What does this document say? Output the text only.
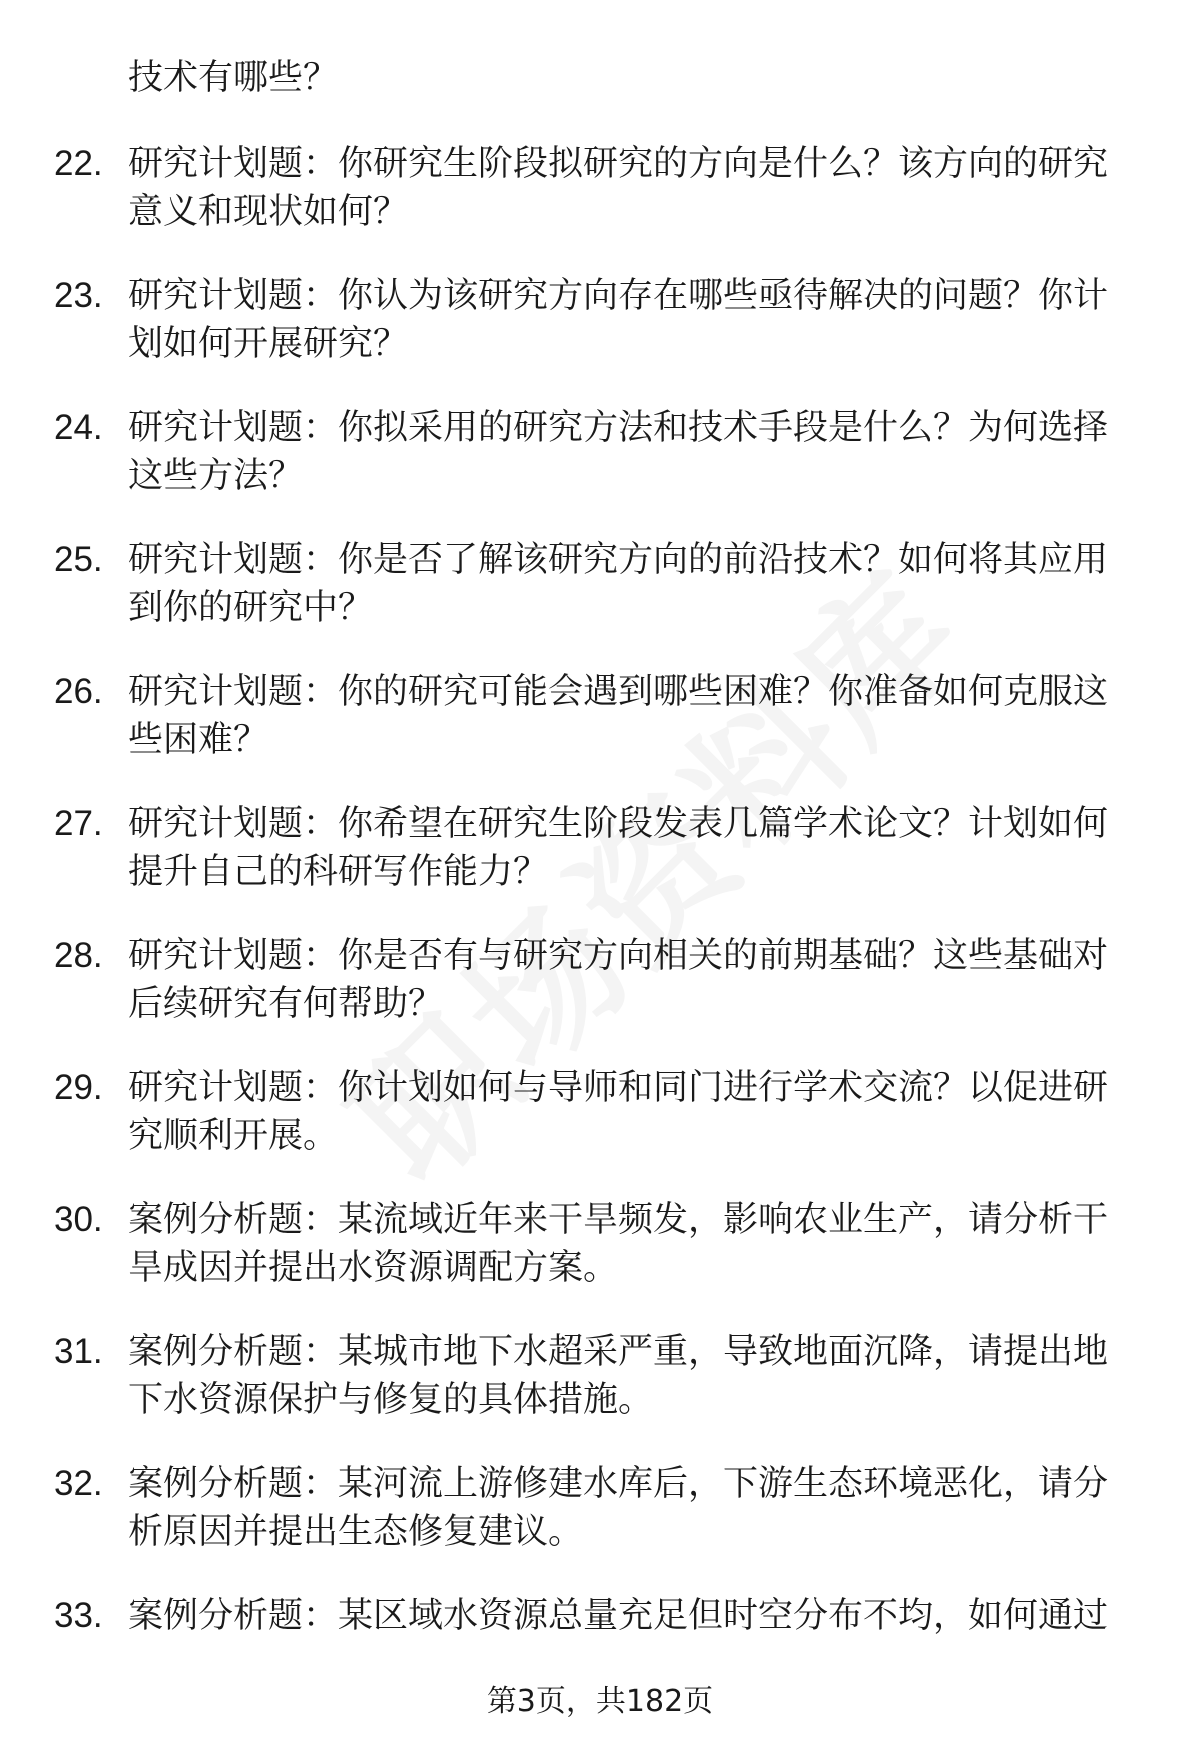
技术有哪些？
22. 研究计划题：你研究生阶段拟研究的方向是什么？该方向的研究意义和现状如何？
23. 研究计划题：你认为该研究方向存在哪些亟待解决的问题？你计划如何开展研究？
24. 研究计划题：你拟采用的研究方法和技术手段是什么？为何选择这些方法？
25. 研究计划题：你是否了解该研究方向的前沿技术？如何将其应用到你的研究中？
26. 研究计划题：你的研究可能会遇到哪些困难？你准备如何克服这些困难？
27. 研究计划题：你希望在研究生阶段发表几篇学术论文？计划如何提升自己的科研写作能力？
28. 研究计划题：你是否有与研究方向相关的前期基础？这些基础对后续研究有何帮助？
29. 研究计划题：你计划如何与导师和同门进行学术交流？以促进研究顺利开展。
30. 案例分析题：某流域近年来干旱频发，影响农业生产，请分析干旱成因并提出水资源调配方案。
31. 案例分析题：某城市地下水超采严重，导致地面沉降，请提出地下水资源保护与修复的具体措施。
32. 案例分析题：某河流上游修建水库后，下游生态环境恶化，请分析原因并提出生态修复建议。
33. 案例分析题：某区域水资源总量充足但时空分布不均，如何通过
第3页，共182页
